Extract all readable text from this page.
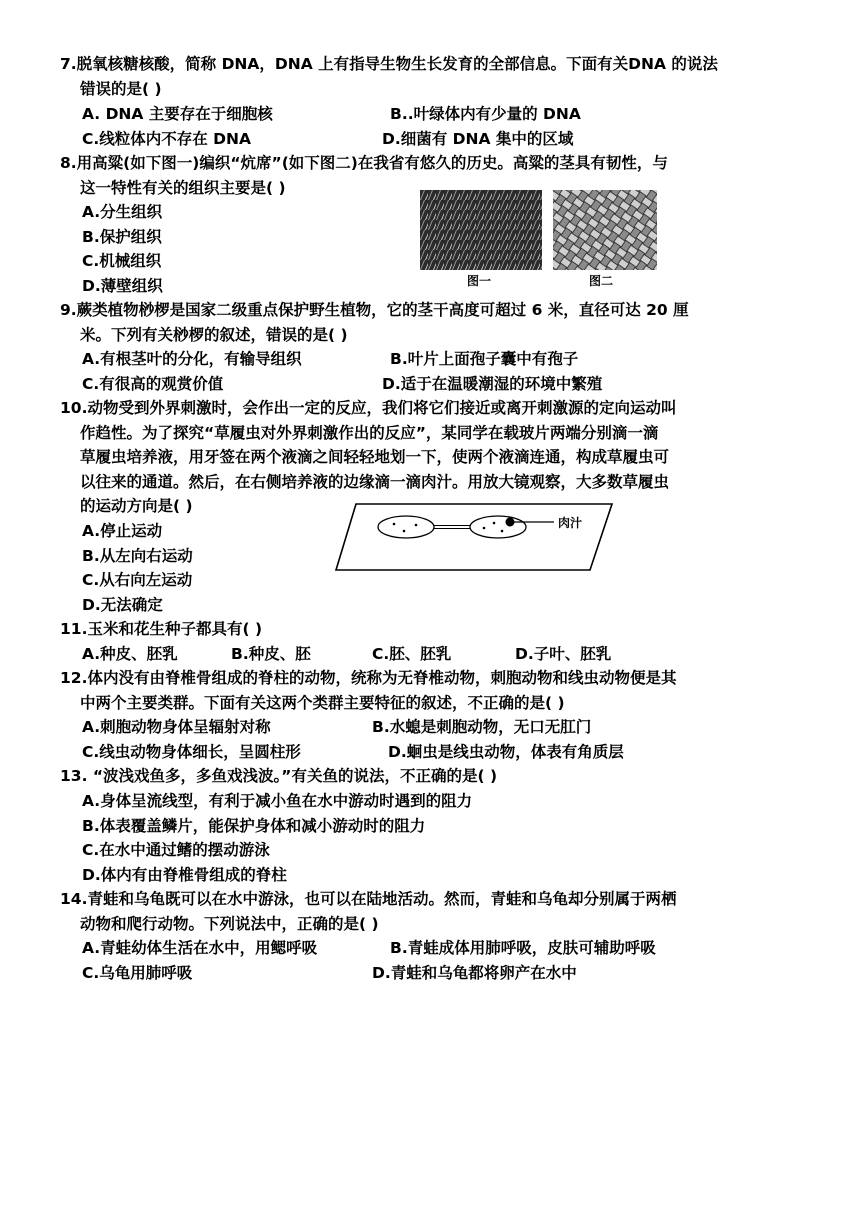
7.脱氧核糖核酸，简称 DNA，DNA 上有指导生物生长发育的全部信息。下面有关DNA 的说法
错误的是( )
A. DNA 主要存在于细胞核	B..叶绿体内有少量的 DNA
C.线粒体内不存在 DNA	D.细菌有 DNA 集中的区域
8.用高粱(如下图一)编织“炕席”(如下图二)在我省有悠久的历史。高粱的茎具有韧性，与
这一特性有关的组织主要是( )
A.分生组织
B.保护组织
C.机械组织
D.薄壁组织	图一	图二
9.蕨类植物桫椤是国家二级重点保护野生植物，它的茎干高度可超过 6 米，直径可达 20 厘
米。下列有关桫椤的叙述，错误的是( )
A.有根茎叶的分化，有输导组织	B.叶片上面孢子囊中有孢子
C.有很高的观赏价值	D.适于在温暖潮湿的环境中繁殖
10.动物受到外界刺激时，会作出一定的反应，我们将它们接近或离开刺激源的定向运动叫
作趋性。为了探究“草履虫对外界刺激作出的反应”，某同学在载玻片两端分别滴一滴
草履虫培养液，用牙签在两个液滴之间轻轻地划一下，使两个液滴连通，构成草履虫可
以往来的通道。然后，在右侧培养液的边缘滴一滴肉汁。用放大镜观察，大多数草履虫
的运动方向是( )
A.停止运动
B.从左向右运动
C.从右向左运动
D.无法确定
肉汁
11.玉米和花生种子都具有( )
A.种皮、胚乳	B.种皮、胚	C.胚、胚乳	D.子叶、胚乳
12.体内没有由脊椎骨组成的脊柱的动物，统称为无脊椎动物，刺胞动物和线虫动物便是其
中两个主要类群。下面有关这两个类群主要特征的叙述，不正确的是( )
A.刺胞动物身体呈辐射对称	B.水螅是刺胞动物，无口无肛门
C.线虫动物身体细长，呈圆柱形	D.蛔虫是线虫动物，体表有角质层
13. “波浅戏鱼多，多鱼戏浅波。”有关鱼的说法，不正确的是( )
A.身体呈流线型，有利于减小鱼在水中游动时遇到的阻力
B.体表覆盖鳞片，能保护身体和减小游动时的阻力
C.在水中通过鳍的摆动游泳
D.体内有由脊椎骨组成的脊柱
14.青蛙和乌龟既可以在水中游泳，也可以在陆地活动。然而，青蛙和乌龟却分别属于两栖
动物和爬行动物。下列说法中，正确的是( )
A.青蛙幼体生活在水中，用鳃呼吸	B.青蛙成体用肺呼吸，皮肤可辅助呼吸
C.乌龟用肺呼吸	D.青蛙和乌龟都将卵产在水中
